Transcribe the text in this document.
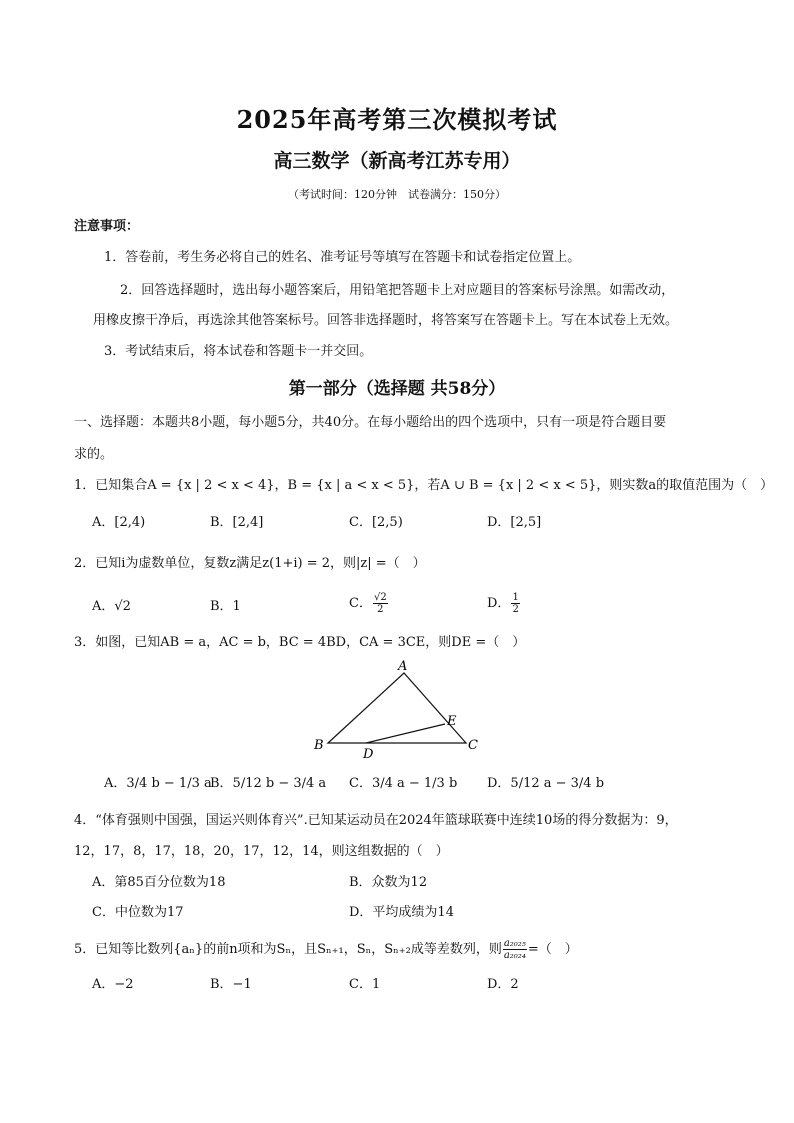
2025年高考第三次模拟考试
高三数学（新高考江苏专用）
（考试时间：120分钟　试卷满分：150分）
注意事项：
1．答卷前，考生务必将自己的姓名、准考证号等填写在答题卡和试卷指定位置上。
2．回答选择题时，选出每小题答案后，用铅笔把答题卡上对应题目的答案标号涂黑。如需改动，
用橡皮擦干净后，再选涂其他答案标号。回答非选择题时，将答案写在答题卡上。写在本试卷上无效。
3．考试结束后，将本试卷和答题卡一并交回。
第一部分（选择题 共58分）
一、选择题：本题共8小题，每小题5分，共40分。在每小题给出的四个选项中，只有一项是符合题目要
求的。
1．已知集合A = {x | 2 < x < 4}，B = {x | a < x < 5}，若A ∪ B = {x | 2 < x < 5}，则实数a的取值范围为（　）
A．[2,4)	B．[2,4]	C．[2,5)	D．[2,5]
2．已知i为虚数单位，复数z满足z(1+i) = 2，则|z| =（　）
A．√2	B．1	C． $\frac{√2}{2}$	D． $\frac{1}{2}$
3．如图，已知AB = a，AC = b，BC = 4BD，CA = 3CE，则DE =（　）
A
B	C
D
E
A．3/4 b − 1/3 a
B．5/12 b − 3/4 a C．3/4 a − 1/3 b D．5/12 a − 3/4 b
4．“体育强则中国强，国运兴则体育兴”.已知某运动员在2024年篮球联赛中连续10场的得分数据为：9，
12，17，8，17，18，20，17，12，14，则这组数据的（　）
A．第85百分位数为18	B．众数为12
C．中位数为17	D．平均成绩为14
5．已知等比数列{aₙ}的前n项和为Sₙ，且Sₙ₊₁，Sₙ，Sₙ₊₂成等差数列，则 $\frac{\text{a₂₀₂₅}}{\text{a₂₀₂₄}}$ =（　）
A．−2	B．−1	C．1	D．2
